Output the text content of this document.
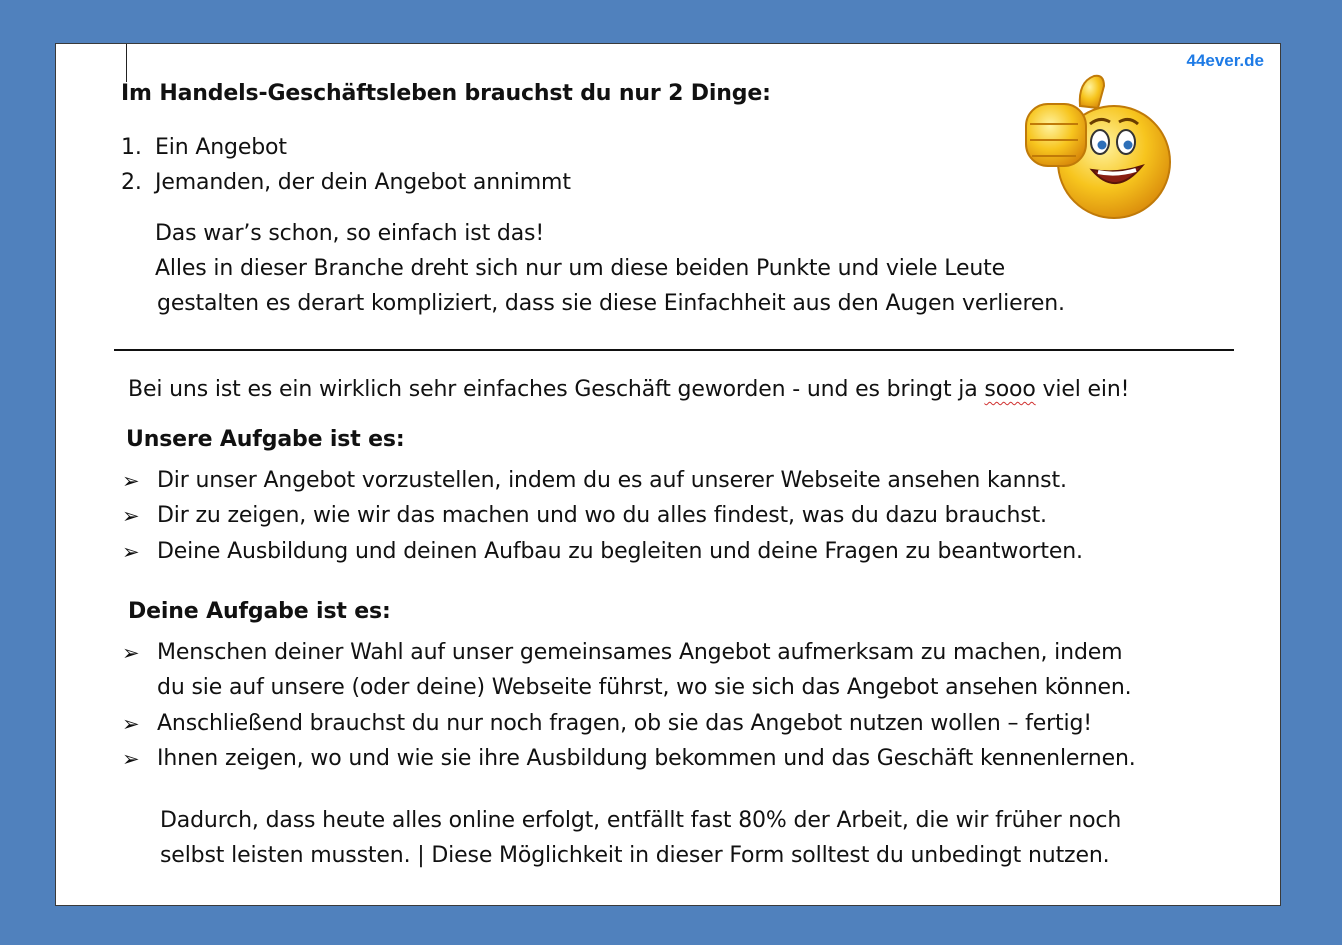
44ever.de
Im Handels-Geschäftsleben brauchst du nur 2 Dinge:
1. Ein Angebot
2. Jemanden, der dein Angebot annimmt
Das war’s schon, so einfach ist das!
Alles in dieser Branche dreht sich nur um diese beiden Punkte und viele Leute
gestalten es derart kompliziert, dass sie diese Einfachheit aus den Augen verlieren.
Bei uns ist es ein wirklich sehr einfaches Geschäft geworden - und es bringt ja sooo viel ein!
Unsere Aufgabe ist es:
➢ Dir unser Angebot vorzustellen, indem du es auf unserer Webseite ansehen kannst.
➢ Dir zu zeigen, wie wir das machen und wo du alles findest, was du dazu brauchst.
➢ Deine Ausbildung und deinen Aufbau zu begleiten und deine Fragen zu beantworten.
Deine Aufgabe ist es:
➢ Menschen deiner Wahl auf unser gemeinsames Angebot aufmerksam zu machen, indem
du sie auf unsere (oder deine) Webseite führst, wo sie sich das Angebot ansehen können.
➢ Anschließend brauchst du nur noch fragen, ob sie das Angebot nutzen wollen – fertig!
➢ Ihnen zeigen, wo und wie sie ihre Ausbildung bekommen und das Geschäft kennenlernen.
Dadurch, dass heute alles online erfolgt, entfällt fast 80% der Arbeit, die wir früher noch
selbst leisten mussten. | Diese Möglichkeit in dieser Form solltest du unbedingt nutzen.
